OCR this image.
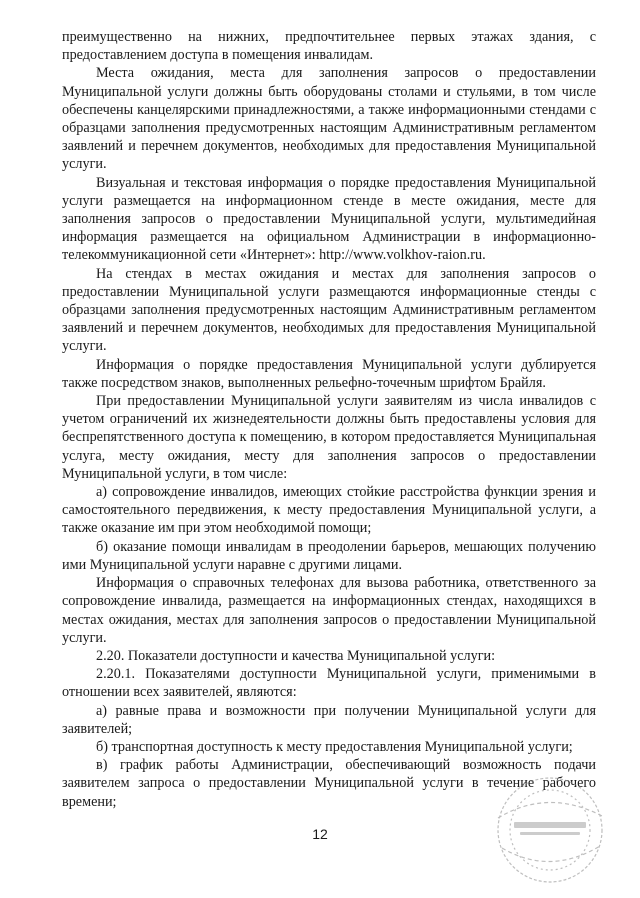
преимущественно на нижних, предпочтительнее первых этажах здания, с предоставлением доступа в помещения инвалидам.

Места ожидания, места для заполнения запросов о предоставлении Муниципальной услуги должны быть оборудованы столами и стульями, в том числе обеспечены канцелярскими принадлежностями, а также информационными стендами с образцами заполнения предусмотренных настоящим Административным регламентом заявлений и перечнем документов, необходимых для предоставления Муниципальной услуги.

Визуальная и текстовая информация о порядке предоставления Муниципальной услуги размещается на информационном стенде в месте ожидания, месте для заполнения запросов о предоставлении Муниципальной услуги, мультимедийная информация размещается на официальном Администрации в информационно-телекоммуникационной сети «Интернет»: http://www.volkhov-raion.ru.

На стендах в местах ожидания и местах для заполнения запросов о предоставлении Муниципальной услуги размещаются информационные стенды с образцами заполнения предусмотренных настоящим Административным регламентом заявлений и перечнем документов, необходимых для предоставления Муниципальной услуги.

Информация о порядке предоставления Муниципальной услуги дублируется также посредством знаков, выполненных рельефно-точечным шрифтом Брайля.

При предоставлении Муниципальной услуги заявителям из числа инвалидов с учетом ограничений их жизнедеятельности должны быть предоставлены условия для беспрепятственного доступа к помещению, в котором предоставляется Муниципальная услуга, месту ожидания, месту для заполнения запросов о предоставлении Муниципальной услуги, в том числе:

а) сопровождение инвалидов, имеющих стойкие расстройства функции зрения и самостоятельного передвижения, к месту предоставления Муниципальной услуги, а также оказание им при этом необходимой помощи;

б) оказание помощи инвалидам в преодолении барьеров, мешающих получению ими Муниципальной услуги наравне с другими лицами.

Информация о справочных телефонах для вызова работника, ответственного за сопровождение инвалида, размещается на информационных стендах, находящихся в местах ожидания, местах для заполнения запросов о предоставлении Муниципальной услуги.

2.20. Показатели доступности и качества Муниципальной услуги:

2.20.1. Показателями доступности Муниципальной услуги, применимыми в отношении всех заявителей, являются:

а) равные права и возможности при получении Муниципальной услуги для заявителей;

б) транспортная доступность к месту предоставления Муниципальной услуги;

в) график работы Администрации, обеспечивающий возможность подачи заявителем запроса о предоставлении Муниципальной услуги в течение рабочего времени;

12
